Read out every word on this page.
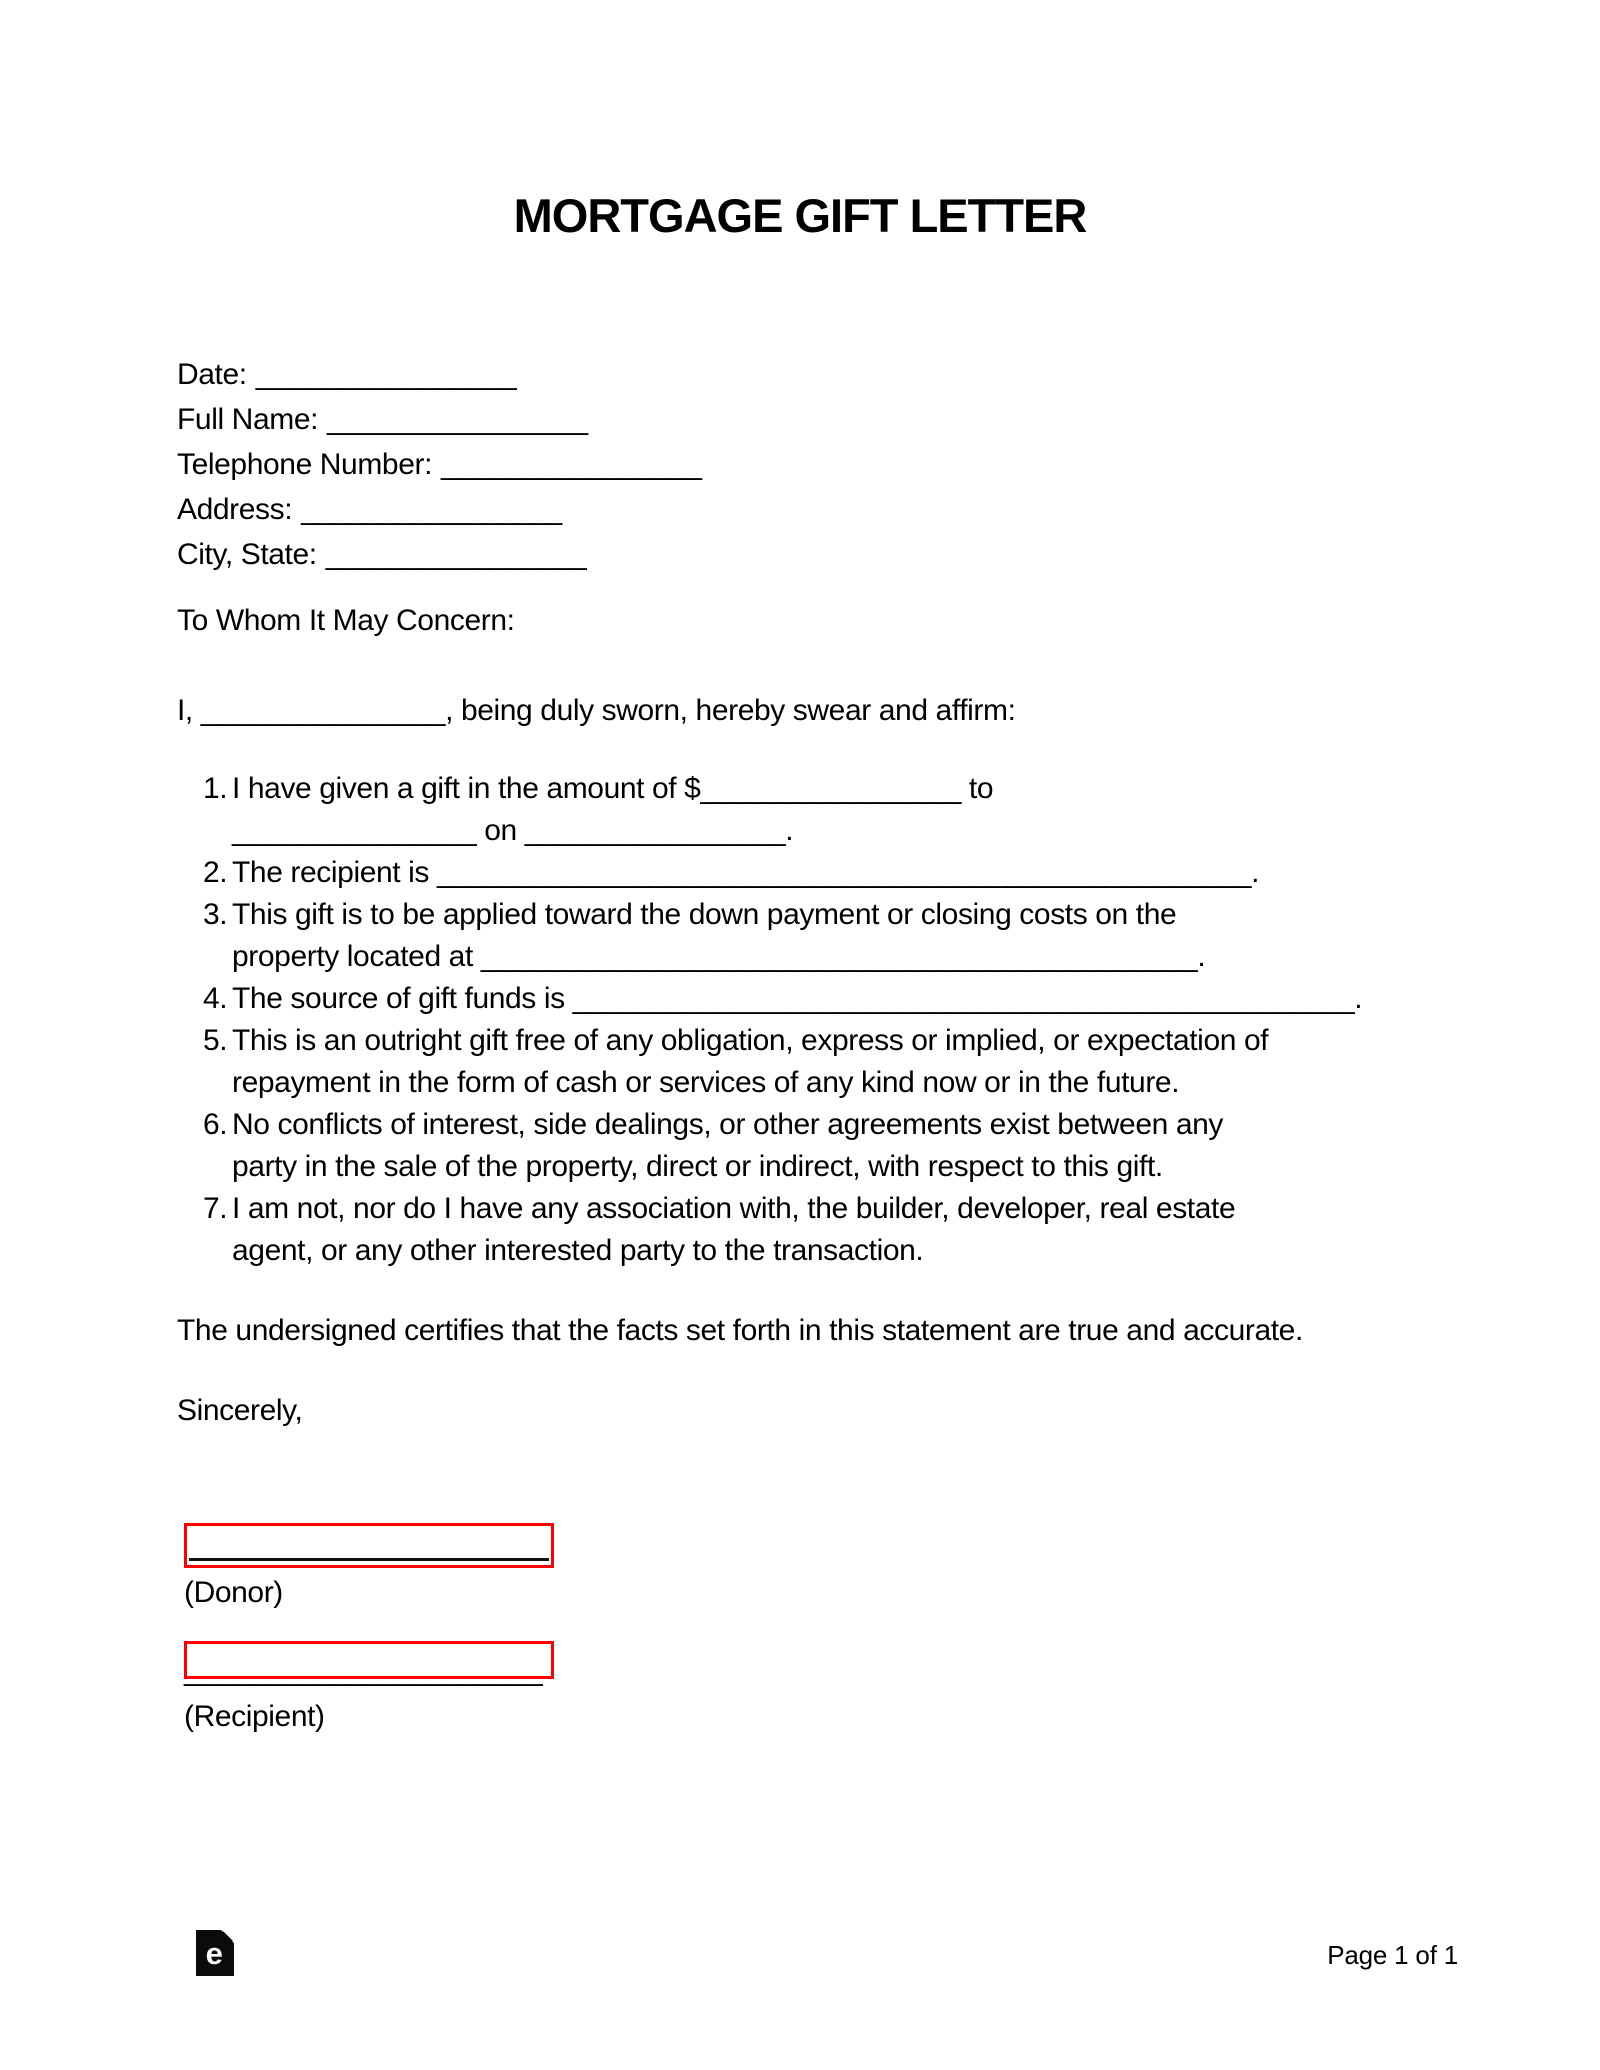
MORTGAGE GIFT LETTER
Date: ________________
Full Name: ________________
Telephone Number: ________________
Address: ________________
City, State: ________________

To Whom It May Concern:

I, _______________, being duly sworn, hereby swear and affirm:

1. I have given a gift in the amount of $________________ to
_______________ on ________________.
2. The recipient is __________________________________________________.
3. This gift is to be applied toward the down payment or closing costs on the
property located at ____________________________________________.
4. The source of gift funds is ________________________________________________.
5. This is an outright gift free of any obligation, express or implied, or expectation of
repayment in the form of cash or services of any kind now or in the future.
6. No conflicts of interest, side dealings, or other agreements exist between any
party in the sale of the property, direct or indirect, with respect to this gift.
7. I am not, nor do I have any association with, the builder, developer, real estate
agent, or any other interested party to the transaction.

The undersigned certifies that the facts set forth in this statement are true and accurate.

Sincerely,

(Donor)

______________________

(Recipient)

e	Page 1 of 1
